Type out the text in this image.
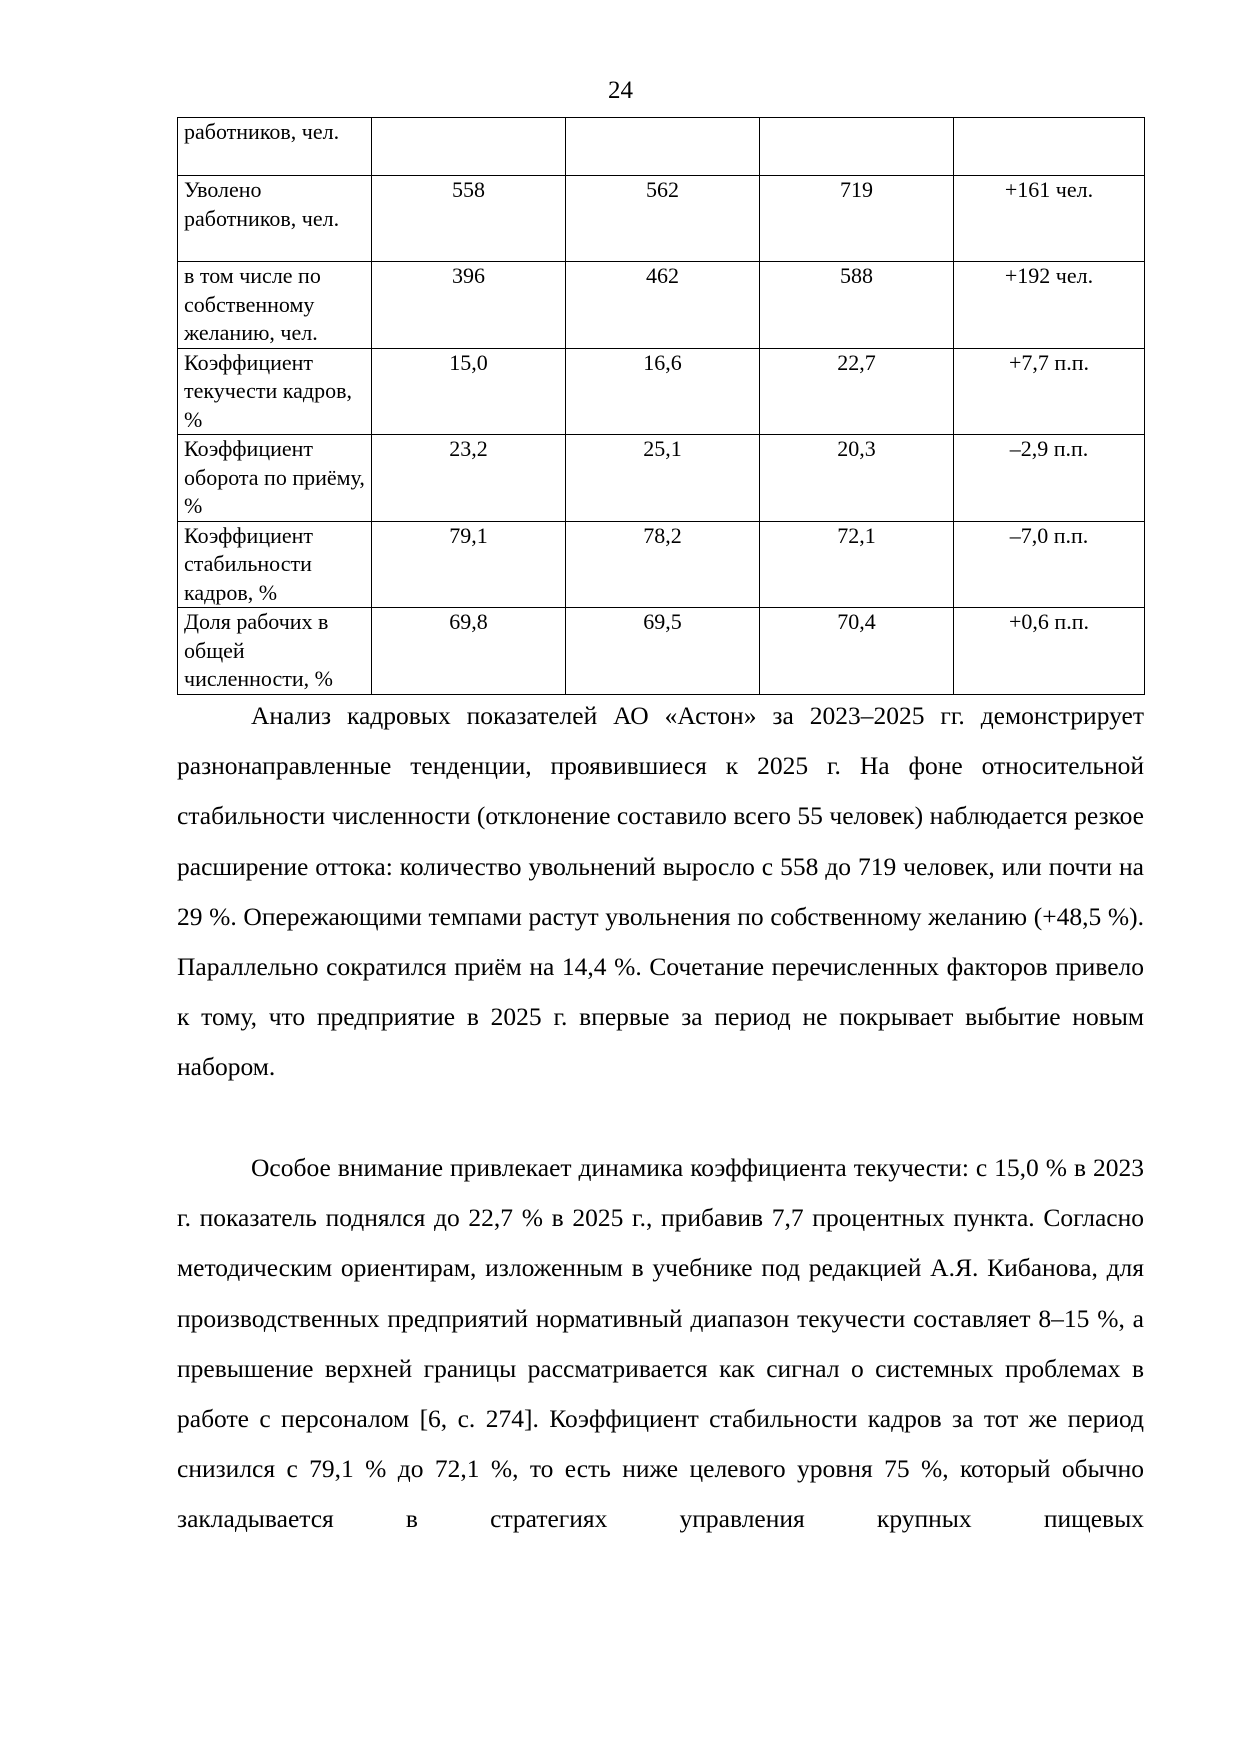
24
работников, чел.				
Уволено работников, чел.	558	562	719	+161 чел.
в том числе по собственному желанию, чел.	396	462	588	+192 чел.
Коэффициент текучести кадров, %	15,0	16,6	22,7	+7,7 п.п.
Коэффициент оборота по приёму, %	23,2	25,1	20,3	–2,9 п.п.
Коэффициент стабильности кадров, %	79,1	78,2	72,1	–7,0 п.п.
Доля рабочих в общей численности, %	69,8	69,5	70,4	+0,6 п.п.

Анализ кадровых показателей АО «Астон» за 2023–2025 гг. демонстрирует разнонаправленные тенденции, проявившиеся к 2025 г. На фоне относительной стабильности численности (отклонение составило всего 55 человек) наблюдается резкое расширение оттока: количество увольнений выросло с 558 до 719 человек, или почти на 29 %. Опережающими темпами растут увольнения по собственному желанию (+48,5 %). Параллельно сократился приём на 14,4 %. Сочетание перечисленных факторов привело к тому, что предприятие в 2025 г. впервые за период не покрывает выбытие новым набором.

Особое внимание привлекает динамика коэффициента текучести: с 15,0 % в 2023 г. показатель поднялся до 22,7 % в 2025 г., прибавив 7,7 процентных пункта. Согласно методическим ориентирам, изложенным в учебнике под редакцией А.Я. Кибанова, для производственных предприятий нормативный диапазон текучести составляет 8–15 %, а превышение верхней границы рассматривается как сигнал о системных проблемах в работе с персоналом [6, с. 274]. Коэффициент стабильности кадров за тот же период снизился с 79,1 % до 72,1 %, то есть ниже целевого уровня 75 %, который обычно закладывается в стратегиях управления крупных пищевых
